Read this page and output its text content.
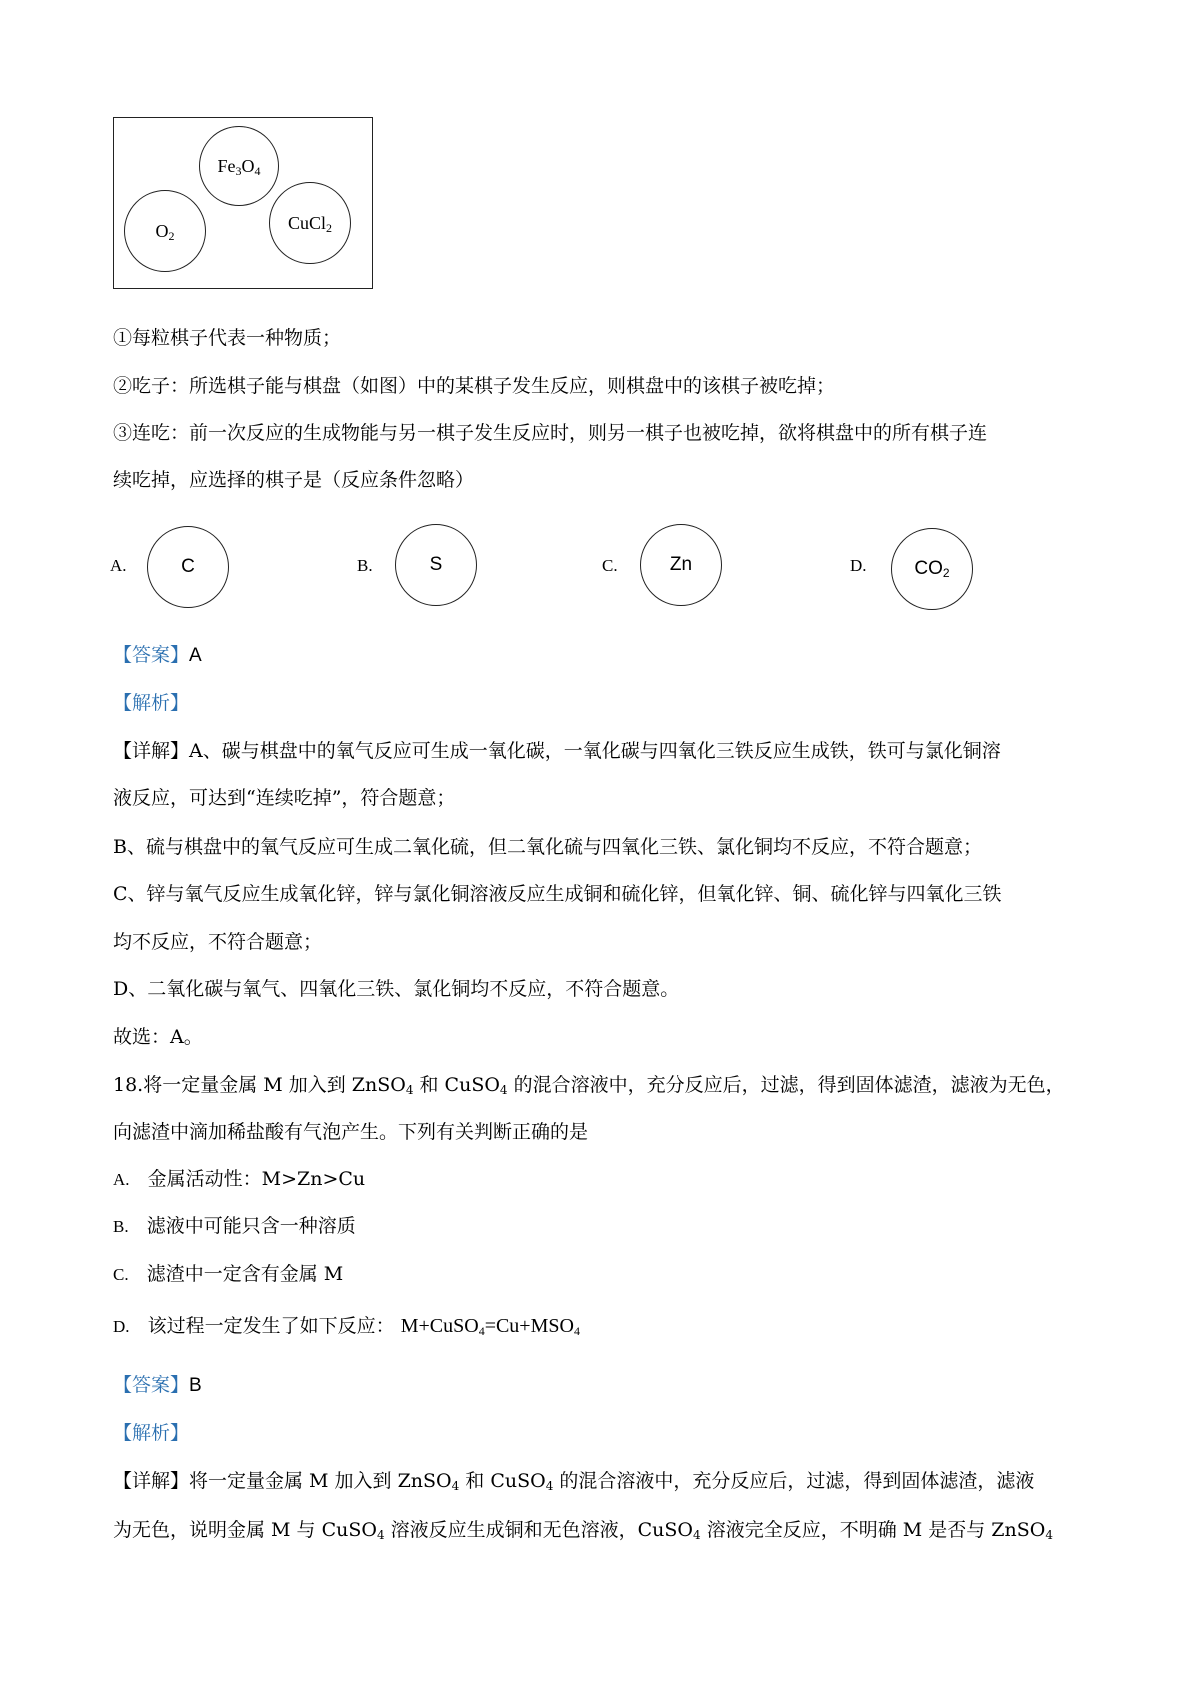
$Fe_3O_4$
$O_2$
CuCl$_2$
①每粒棋子代表一种物质；
②吃子：所选棋子能与棋盘（如图）中的某棋子发生反应，则棋盘中的该棋子被吃掉；
③连吃：前一次反应的生成物能与另一棋子发生反应时，则另一棋子也被吃掉，欲将棋盘中的所有棋子连
续吃掉，应选择的棋子是（反应条件忽略）
A.	C	B.	S	C.	Zn	D.	$CO_2$
【答案】A
【解析】
【详解】A、碳与棋盘中的氧气反应可生成一氧化碳，一氧化碳与四氧化三铁反应生成铁，铁可与氯化铜溶
液反应，可达到“连续吃掉”，符合题意；
B、硫与棋盘中的氧气反应可生成二氧化硫，但二氧化硫与四氧化三铁、氯化铜均不反应，不符合题意；
C、锌与氧气反应生成氧化锌，锌与氯化铜溶液反应生成铜和硫化锌，但氧化锌、铜、硫化锌与四氧化三铁
均不反应，不符合题意；
D、二氧化碳与氧气、四氧化三铁、氯化铜均不反应，不符合题意。
故选：A。
18.将一定量金属 M 加入到 ZnSO$_4$ 和 CuSO$_4$ 的混合溶液中，充分反应后，过滤，得到固体滤渣，滤液为无色，
向滤渣中滴加稀盐酸有气泡产生。下列有关判断正确的是
A. 金属活动性：M>Zn>Cu
B. 滤液中可能只含一种溶质
C. 滤渣中一定含有金属 M
D. 该过程一定发生了如下反应： $M+CuSO_4=Cu+MSO_4$
【答案】B
【解析】
【详解】将一定量金属 M 加入到 ZnSO$_4$ 和 CuSO$_4$ 的混合溶液中，充分反应后，过滤，得到固体滤渣，滤液
为无色，说明金属 M 与 CuSO$_4$ 溶液反应生成铜和无色溶液，CuSO$_4$ 溶液完全反应，不明确 M 是否与 ZnSO$_4$
